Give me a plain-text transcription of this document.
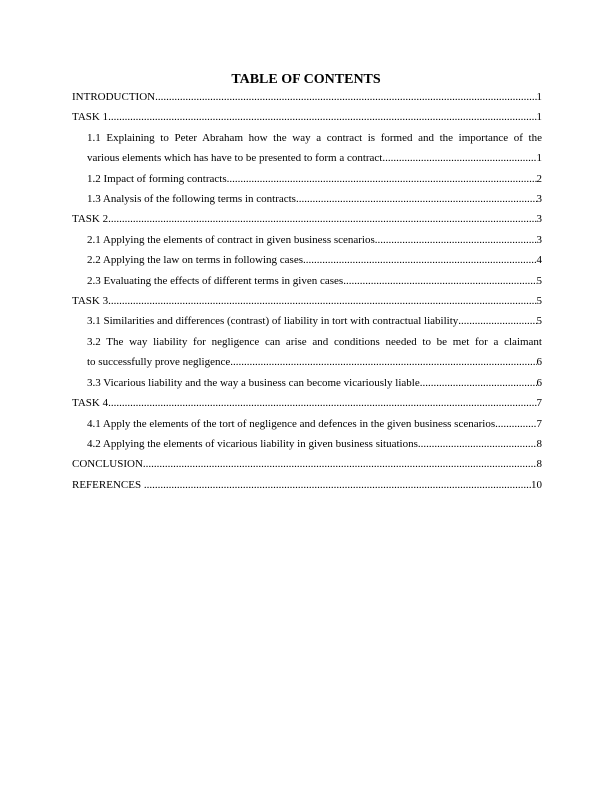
TABLE OF CONTENTS
INTRODUCTION .....	1
TASK 1 .....	1
1.1 Explaining to Peter Abraham how the way a contract is formed and the importance of the
various elements which has have to be presented to form a contract .....	1
1.2 Impact of forming contracts .....	2
1.3 Analysis of the following terms in contracts .....	3
TASK 2 .....	3
2.1 Applying the elements of contract in given business scenarios .....	3
2.2 Applying the law on terms in following cases .....	4
2.3 Evaluating the effects of different terms in given cases .....	5
TASK 3 .....	5
3.1 Similarities and differences (contrast) of liability in tort with contractual liability .....	5
3.2 The way liability for negligence can arise and conditions needed to be met for a claimant
to successfully prove negligence .....	6
3.3 Vicarious liability and the way a business can become vicariously liable .....	6
TASK 4 .....	7
4.1 Apply the elements of the tort of negligence and defences in the given business scenarios .....	7
4.2 Applying the elements of vicarious liability in given business situations .....	8
CONCLUSION .....	8
REFERENCES .....	10
